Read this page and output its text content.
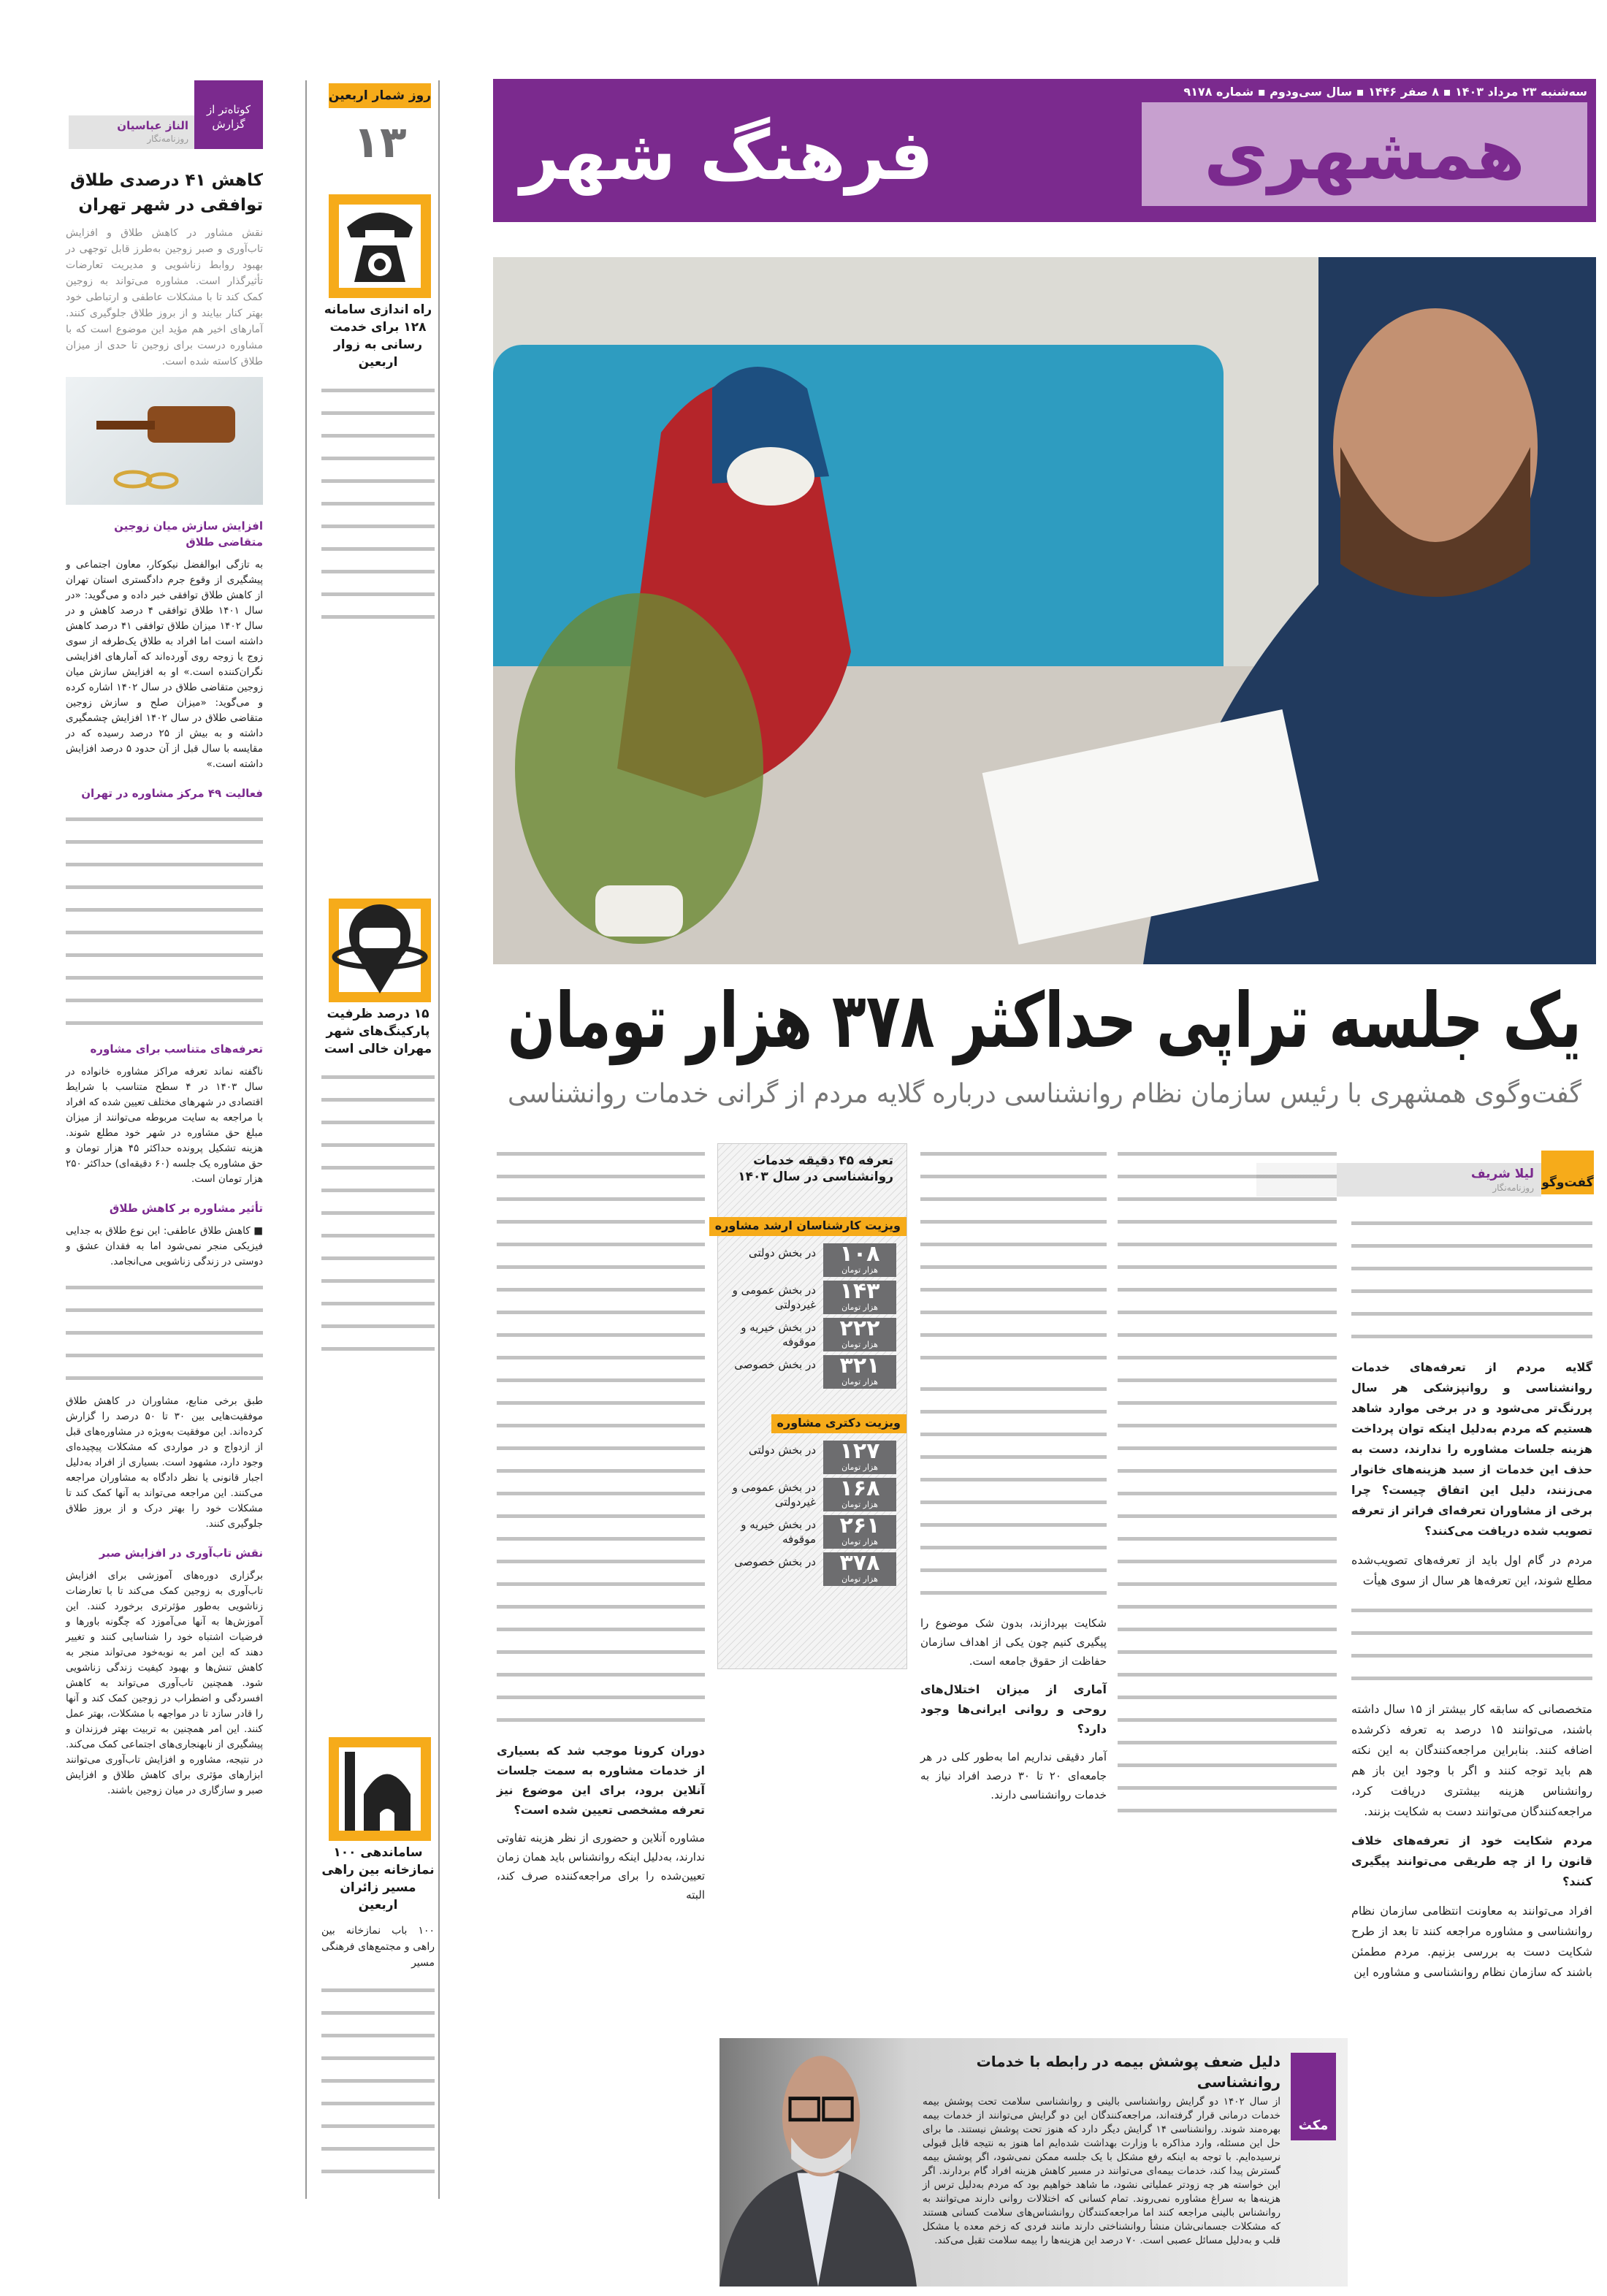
سه‌شنبه ۲۳ مرداد ۱۴۰۳ ▪ ۸ صفر ۱۴۴۶ ▪ سال سی‌ودوم ▪ شماره ۹۱۷۸
همشهری
فرهنگ شهر
یک جلسه تراپی حداکثر ۳۷۸ هزار تومان
گفت‌وگوی همشهری با رئیس سازمان نظام روانشناسی درباره گلایه مردم از گرانی خدمات روانشناسی
گفت‌وگو
لیلا شریف
روزنامه‌نگار
گلایه مردم از تعرفه‌های خدمات روانشناسی و روانپزشکی هر سال پررنگ‌تر می‌شود و در برخی موارد شاهد هستیم که مردم به‌دلیل اینکه توان پرداخت هزینه جلسات مشاوره را ندارند، دست به حذف این خدمات از سبد هزینه‌های خانوار می‌زنند، دلیل این اتفاق چیست؟ چرا برخی از مشاوران تعرفه‌ای فراتر از تعرفه تصویب شده دریافت می‌کنند؟
مردم در گام اول باید از تعرفه‌های تصویب‌شده مطلع شوند، این تعرفه‌ها هر سال از سوی هیأت
متخصصانی که سابقه کار بیشتر از ۱۵ سال داشته باشند، می‌توانند ۱۵ درصد به تعرفه ذکرشده اضافه کنند. بنابراین مراجعه‌کنندگان به این نکته هم باید توجه کنند و اگر با وجود این باز هم روانشناس هزینه بیشتری دریافت کرد، مراجعه‌کنندگان می‌توانند دست به شکایت بزنند.
مردم شکایت خود از تعرفه‌های خلاف قانون را از چه طریقی می‌توانند پیگیری کنند؟
افراد می‌توانند به معاونت انتظامی سازمان نظام روانشناسی و مشاوره مراجعه کنند تا بعد از طرح شکایت دست به بررسی بزنیم. مردم مطمئن باشند که سازمان نظام روانشناسی و مشاوره این
شکایت بپردازند، بدون شک موضوع را پیگیری کنیم چون یکی از اهداف سازمان حفاظت از حقوق جامعه است.
آماری از میزان اختلال‌های روحی و روانی ایرانی‌ها وجود دارد؟
آمار دقیقی نداریم اما به‌طور کلی در هر جامعه‌ای ۲۰ تا ۳۰ درصد افراد نیاز به خدمات روانشناسی دارند.
دوران کرونا موجب شد که بسیاری از خدمات مشاوره به سمت جلسات آنلاین برود، برای این موضوع نیز تعرفه مشخصی تعیین شده است؟
مشاوره آنلاین و حضوری از نظر هزینه تفاوتی ندارند، به‌دلیل اینکه روانشناس باید همان زمان تعیین‌شده را برای مراجعه‌کننده صرف کند، البته
تعرفه ۴۵ دقیقه خدمات روانشناسی در سال ۱۴۰۳
ویزیت کارشناسان ارشد مشاوره
۱۰۸
هزار تومان
در بخش دولتی
۱۴۳
هزار تومان
در بخش عمومی و غیردولتی
۲۲۲
هزار تومان
در بخش خیریه و موقوفه
۳۲۱
هزار تومان
در بخش خصوصی
ویزیت دکتری مشاوره
۱۲۷
هزار تومان
در بخش دولتی
۱۶۸
هزار تومان
در بخش عمومی و غیردولتی
۲۶۱
هزار تومان
در بخش خیریه و موقوفه
۳۷۸
هزار تومان
در بخش خصوصی
مکث
دلیل ضعف پوشش بیمه در رابطه با خدمات روانشناسی
از سال ۱۴۰۲ دو گرایش روانشناسی بالینی و روانشناسی سلامت تحت پوشش بیمه خدمات درمانی قرار گرفته‌اند، مراجعه‌کنندگان این دو گرایش می‌توانند از خدمات بیمه بهره‌مند شوند. روانشناسی ۱۴ گرایش دیگر دارد که هنوز تحت پوشش نیستند. ما برای حل این مسئله، وارد مذاکره با وزارت بهداشت شده‌ایم اما هنوز به نتیجه قابل قبولی نرسیده‌ایم. با توجه به اینکه رفع مشکل با یک جلسه ممکن نمی‌شود، اگر پوشش بیمه گسترش پیدا کند، خدمات بیمه‌ای می‌توانند در مسیر کاهش هزینه افراد گام بردارند. اگر این خواسته هر چه زودتر عملیاتی نشود، ما شاهد خواهیم بود که مردم به‌دلیل ترس از هزینه‌ها به سراغ مشاوره نمی‌روند. تمام کسانی که اختلالات روانی دارند می‌توانند به روانشناس بالینی مراجعه کنند اما مراجعه‌کنندگان روانشناس‌های سلامت کسانی هستند که مشکلات جسمانی‌شان منشأ روانشناختی دارند مانند فردی که زخم معده یا مشکل قلب و به‌دلیل مسائل عصبی است. ۷۰ درصد این هزینه‌ها را بیمه سلامت تقبل می‌کند.
روز شمار اربعین
۱۳
راه اندازی سامانه ۱۲۸ برای خدمت رسانی به زوار اربعین
۱۵ درصد ظرفیت پارکینگ‌های شهر مهران خالی است
ساماندهی ۱۰۰ نمازخانه بین راهی مسیر زائران اربعین
۱۰۰ باب نمازخانه بین راهی و مجتمع‌های فرهنگی مسیر
کوتاه‌تر از گزارش
الناز عباسیان
روزنامه‌نگار
کاهش ۴۱ درصدی طلاق توافقی در شهر تهران
نقش مشاور در کاهش طلاق و افزایش تاب‌آوری و صبر زوجین به‌طرز قابل توجهی در بهبود روابط زناشویی و مدیریت تعارضات تأثیرگذار است. مشاوره می‌تواند به زوجین کمک کند تا با مشکلات عاطفی و ارتباطی خود بهتر کنار بیایند و از بروز طلاق جلوگیری کنند. آمارهای اخیر هم مؤید این موضوع است که با مشاوره درست برای زوجین تا حدی از میزان طلاق کاسته شده است.
افزایش سازش میان زوجین متقاضی طلاق
به تازگی ابوالفضل نیکوکار، معاون اجتماعی و پیشگیری از وقوع جرم دادگستری استان تهران از کاهش طلاق توافقی خبر داده و می‌گوید: «در سال ۱۴۰۱ طلاق توافقی ۴ درصد کاهش و در سال ۱۴۰۲ میزان طلاق توافقی ۴۱ درصد کاهش داشته است اما افراد به طلاق یک‌طرفه از سوی زوج یا زوجه روی آورده‌اند که آمارهای افزایشی نگران‌کننده است.» او به افزایش سازش میان زوجین متقاضی طلاق در سال ۱۴۰۲ اشاره کرده و می‌گوید: «میزان صلح و سازش زوجین متقاضی طلاق در سال ۱۴۰۲ افزایش چشمگیری داشته و به بیش از ۲۵ درصد رسیده که در مقایسه با سال قبل از آن حدود ۵ درصد افزایش داشته است.»
فعالیت ۴۹ مرکز مشاوره در تهران
تعرفه‌های متناسب برای مشاوره
ناگفته نماند تعرفه مراکز مشاوره خانواده در سال ۱۴۰۳ در ۴ سطح متناسب با شرایط اقتصادی در شهرهای مختلف تعیین شده که افراد با مراجعه به سایت مربوطه می‌توانند از میزان مبلغ حق مشاوره در شهر خود مطلع شوند. هزینه تشکیل پرونده حداکثر ۴۵ هزار تومان و حق مشاوره یک جلسه (۶۰ دقیقه‌ای) حداکثر ۲۵۰ هزار تومان است.
تأثیر مشاوره بر کاهش طلاق
■ کاهش طلاق عاطفی: این نوع طلاق به جدایی فیزیکی منجر نمی‌شود اما به فقدان عشق و دوستی در زندگی زناشویی می‌انجامد.
طبق برخی منابع، مشاوران در کاهش طلاق موفقیت‌هایی بین ۳۰ تا ۵۰ درصد را گزارش کرده‌اند. این موفقیت به‌ویژه در مشاوره‌های قبل از ازدواج و در مواردی که مشکلات پیچیده‌ای وجود دارد، مشهود است. بسیاری از افراد به‌دلیل اجبار قانونی یا نظر دادگاه به مشاوران مراجعه می‌کنند. این مراجعه می‌تواند به آنها کمک کند تا مشکلات خود را بهتر درک و از بروز طلاق جلوگیری کنند.
نقش تاب‌آوری در افزایش صبر
برگزاری دوره‌های آموزشی برای افزایش تاب‌آوری به زوجین کمک می‌کند تا با تعارضات زناشویی به‌طور مؤثرتری برخورد کنند. این آموزش‌ها به آنها می‌آموزد که چگونه باورها و فرضیات اشتباه خود را شناسایی کنند و تغییر دهند که این امر به نوبه‌خود می‌تواند منجر به کاهش تنش‌ها و بهبود کیفیت زندگی زناشویی شود. همچنین تاب‌آوری می‌تواند به کاهش افسردگی و اضطراب در زوجین کمک کند و آنها را قادر سازد تا در مواجهه با مشکلات، بهتر عمل کنند. این امر همچنین به تربیت بهتر فرزندان و پیشگیری از نابهنجاری‌های اجتماعی کمک می‌کند. در نتیجه، مشاوره و افزایش تاب‌آوری می‌توانند ابزارهای مؤثری برای کاهش طلاق و افزایش صبر و سازگاری در میان زوجین باشند.
